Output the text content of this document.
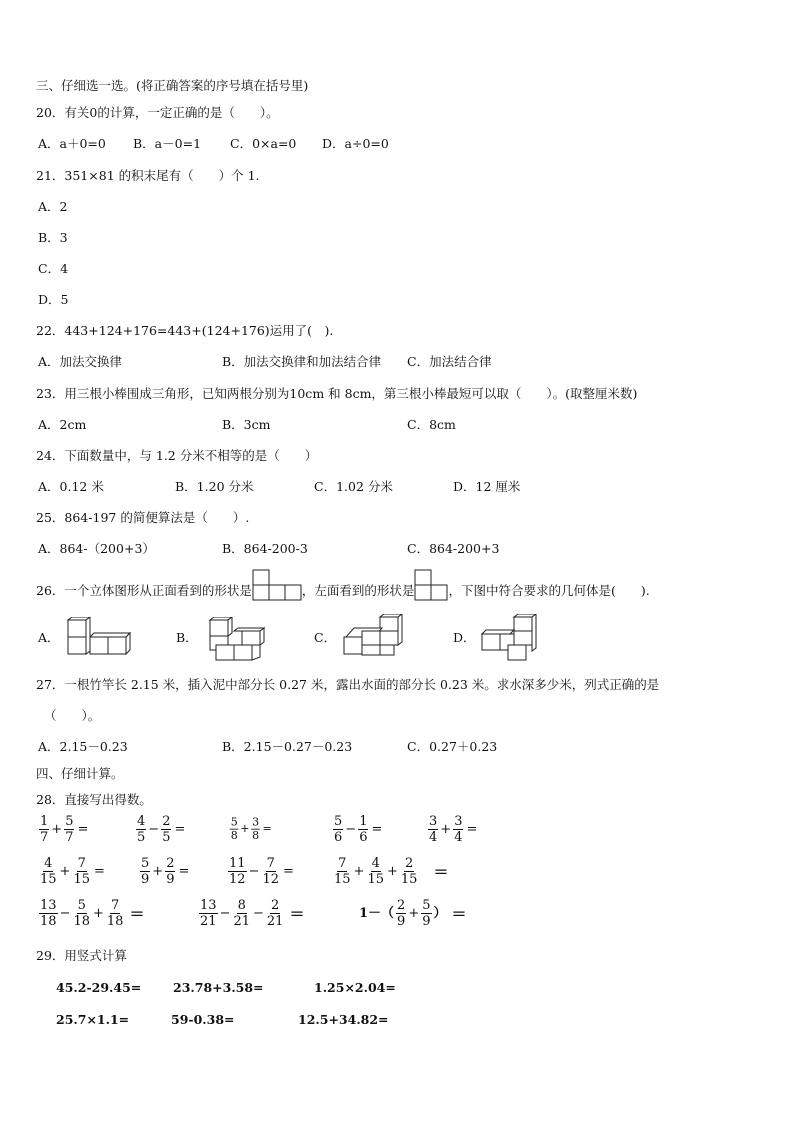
三、仔细选一选。(将正确答案的序号填在括号里)
20．有关0的计算，一定正确的是（　　）。
A．a＋0=0 B．a－0=1 C．0×a=0 D．a÷0=0
21．351×81 的积末尾有（　　）个 1.
A．2
B．3
C．4
D．5
22．443+124+176=443+(124+176)运用了(　).
A．加法交换律	B．加法交换律和加法结合律 C．加法结合律
23．用三根小棒围成三角形，已知两根分别为10cm 和 8cm，第三根小棒最短可以取（　　）。(取整厘米数)
A．2cm	B．3cm	C．8cm
24．下面数量中，与 1.2 分米不相等的是（　　）
A．0.12 米	B．1.20 分米	C．1.02 分米	D．12 厘米
25．864-197 的简便算法是（　　）.
A．864-（200+3）	B．864-200-3	C．864-200+3
26．一个立体图形从正面看到的形状是	，左面看到的形状是	，下图中符合要求的几何体是(　　).
A．	B．	C．	D．
27．一根竹竿长 2.15 米，插入泥中部分长 0.27 米，露出水面的部分长 0.23 米。求水深多少米，列式正确的是
（　　）。
A．2.15－0.23	B．2.15－0.27－0.23	C．0.27＋0.23
四、仔细计算。
28．直接写出得数。
$\frac{1}{7} + \frac{5}{7}$ =	$\frac{4}{5} - \frac{2}{5}$ =	$\frac{5}{8} + \frac{3}{8}$ =	$\frac{5}{6} - \frac{1}{6}$ =	$\frac{3}{4} + \frac{3}{4}$ =
$\frac{4}{15} + \frac{7}{15}$ =	$\frac{5}{9} + \frac{2}{9}$ =	$\frac{11}{12} - \frac{7}{12}$ =	$\frac{7}{15} + \frac{4}{15} + \frac{2}{15}$ ＝
$\frac{13}{18} - \frac{5}{18} + \frac{7}{18}$ ＝	$\frac{13}{21} - \frac{8}{21} - \frac{2}{21}$ ＝	$1-( \frac{2}{9} + \frac{5}{9}$ ） ＝
29．用竖式计算
45.2-29.45=	23.78+3.58=	1.25×2.04=
25.7×1.1=	59-0.38=	12.5+34.82=
